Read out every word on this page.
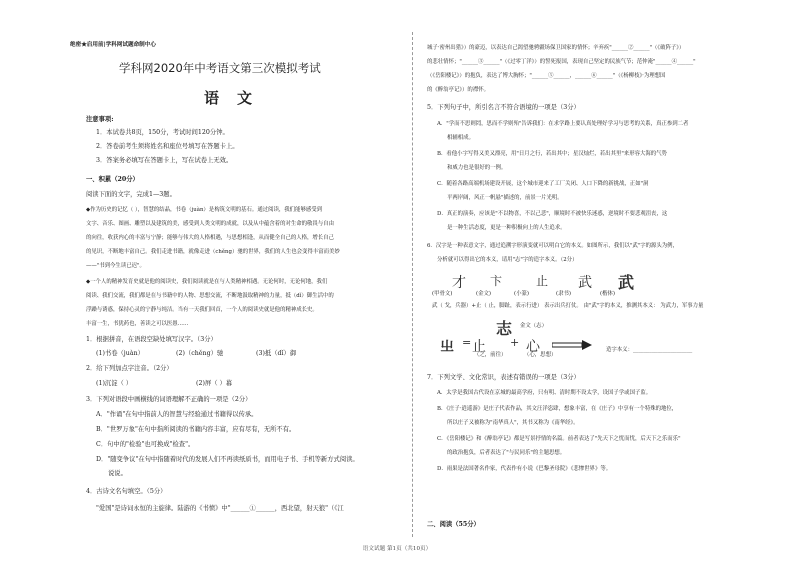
绝密★启用前|学科网试题命制中心
学科网2020年中考语文第三次模拟考试
语文
注意事项:
1．本试卷共8页，150分，考试时间120分钟。
2．答卷前考生须将姓名和座位号填写在答题卡上。
3．答案务必填写在答题卡上，写在试卷上无效。
一、积累（20分）
阅读下面的文字，完成1—3题。
◆作为历史的记忆（ ），智慧的结晶，书卷（juàn）是构筑文明的基石。通过阅读，我们能够感受到
文字、音乐、图画、雕塑以及建筑的美，感受到人类文明的成就，以及从中蕴含着的对生命的敬畏与自由
的向往，收获内心的丰富与宁静；能够与伟大的人格相遇，与思想相逢，从而健全自己的人格，增长自己
的见识，不断地丰富自己。我们走进书籍，就像走进（chěng）驰的世界，我们的人生也会变得丰富而美妙
——"书到今生读已迟"。
◆一个人的精神发育史就是他的阅读史，我们阅读就是在与人类精神相遇。无论何时，无论何地，我们
阅读、我们交流，我们都是在与书籍中的人物、思想交流，不断地汲取精神的力量，抵（dǐ）御生活中的
浮躁与诱惑，保持心灵的宁静与纯洁。当有一天我们回首，一个人的阅读史就是他的精神成长史。
丰富一生，书犹药也，善读之可以医愚……
1．根据拼音，在语段空缺处填写汉字。（3分）
(1)书卷（juàn）	(2)（chěng）驰	(3)抵（dǐ）御
2．给下列加点字注音。（2分）
(1)沉淀（ ）	(2)屏（ ）幕
3．下列对语段中画横线的词语理解不正确的一项是（2分）
A．"作诵"在句中指前人的智慧与经验通过书籍得以传承。
B．"世罗万象"在句中指所阅读的书籍内容丰富，应有尽有，无所不有。
C．句中的"检验"也可换成"检查"。
D．"随变争议"在句中指随着时代的发展人们不再读纸质书，而用电子书、手机等新方式阅读。
说说。
4．古诗文名句填空。（5分）
"爱国"是诗词永恒的主旋律。陆游的《书愤》中"______①______，西北望，射天狼"（《江
城子·密州出猎》）的豪迈，以表达自己渴望驰骋疆场保卫国家的情怀；辛弃疾"______②______"（《破阵子》）
的悲壮情怀；"______③______"（《过零丁洋》）的誓死报国，表现自己坚定的民族气节；范仲淹"______④______"
（《岳阳楼记》）的抱负，表达了博大胸怀；"______⑤______，______⑥______"（《杨柳枝》·为理想国
的《醉翁亭记》）的襟怀。
5．下列句子中，所引名言不符合语境的一项是（3分）
A．"学而不思则罔，思而不学则殆"告诉我们：在求学路上要认真处理好学习与思考的关系，真正参到二者
相辅相成。
B．看他小字写得又美又漂亮，用"日月之行，若出其中；星汉灿烂，若出其里"来形容大海的气势
和威力也是很好的一例。
C．随着各路高端机场建设开展，这个城市迎来了工厂关闭、人口下降的新挑战，正如"洞
平两岸阔，风正一帆悬"描述的，前景一片光明。
D．真正的演奏，应该是"不以物喜，不以己悲"，顺境时不被快乐迷惑，逆境时不要悲观沮丧，这
是一种生活态度，更是一种积极向上的人生追求。
6．汉字是一种表意文字，通过追溯字形演变就可以明白它的本义。如图所示，我们以"武"字的源头为例，
分析就可以得出它的本义，请用"志"字的造字本义。（2分）
才 卞	止 武 武
(甲骨文)	(金文)	(小篆)	(隶书)	(楷体)
武（ 戈，兵器）+止（ 止，脚趾，表示行进） 表示出兵打仗。 由"武"字的本义，推测其本义： 为武力，军事力量
志 金文（志）
㞢 = 止 + 心
（之，前往）	（心，思想）
造字本义：______________________
7．下列文学、文化常识，表述有错误的一项是（3分）
A．太学是我国古代设在京城的最高学府，只有明、清时期不设太学，设国子学或国子监。
B．《庄子·逍遥游》是庄子代表作品，其文汪洋恣肆，想象丰富，在《庄子》中享有一个特殊的地位，
所以庄子又被称为"南华真人"，其书又称为《南华经》。
C．《岳阳楼记》和《醉翁亭记》都是写景抒情的名篇。前者表达了"先天下之忧而忧，后天下之乐而乐"
的政治抱负，后者表达了"与民同乐"的主题思想。
D．雨果是法国著名作家，代表作有小说《巴黎圣母院》《悲惨世界》等。
二、阅读（55分）
语文试题 第1页（共10页）
